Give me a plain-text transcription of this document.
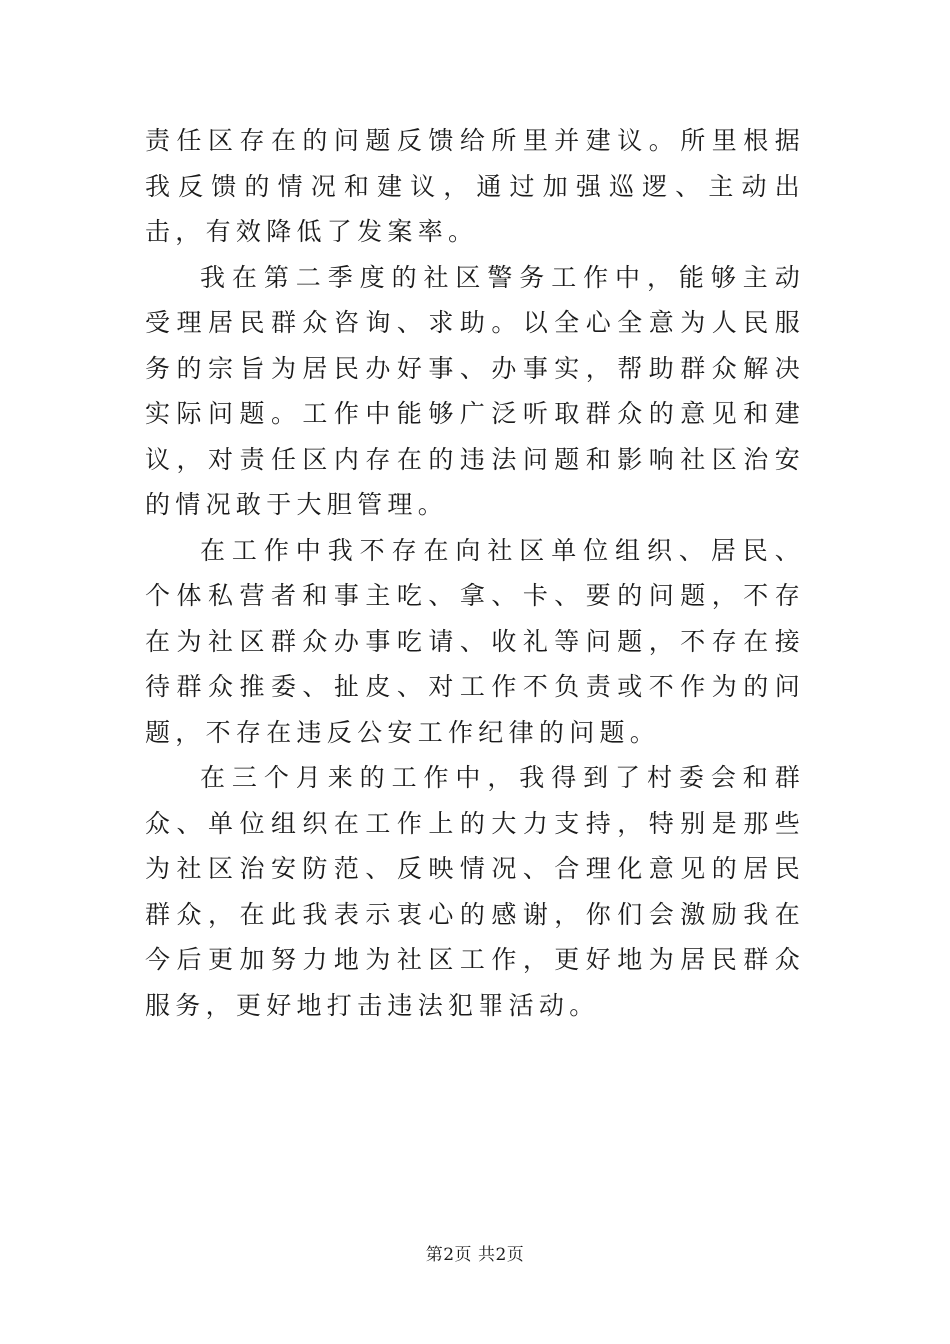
责任区存在的问题反馈给所里并建议。所里根据我反馈的情况和建议，通过加强巡逻、主动出击，有效降低了发案率。

我在第二季度的社区警务工作中，能够主动受理居民群众咨询、求助。以全心全意为人民服务的宗旨为居民办好事、办事实，帮助群众解决实际问题。工作中能够广泛听取群众的意见和建议，对责任区内存在的违法问题和影响社区治安的情况敢于大胆管理。

在工作中我不存在向社区单位组织、居民、个体私营者和事主吃、拿、卡、要的问题，不存在为社区群众办事吃请、收礼等问题，不存在接待群众推委、扯皮、对工作不负责或不作为的问题，不存在违反公安工作纪律的问题。

在三个月来的工作中，我得到了村委会和群众、单位组织在工作上的大力支持，特别是那些为社区治安防范、反映情况、合理化意见的居民群众，在此我表示衷心的感谢，你们会激励我在今后更加努力地为社区工作，更好地为居民群众服务，更好地打击违法犯罪活动。

第2页 共2页
